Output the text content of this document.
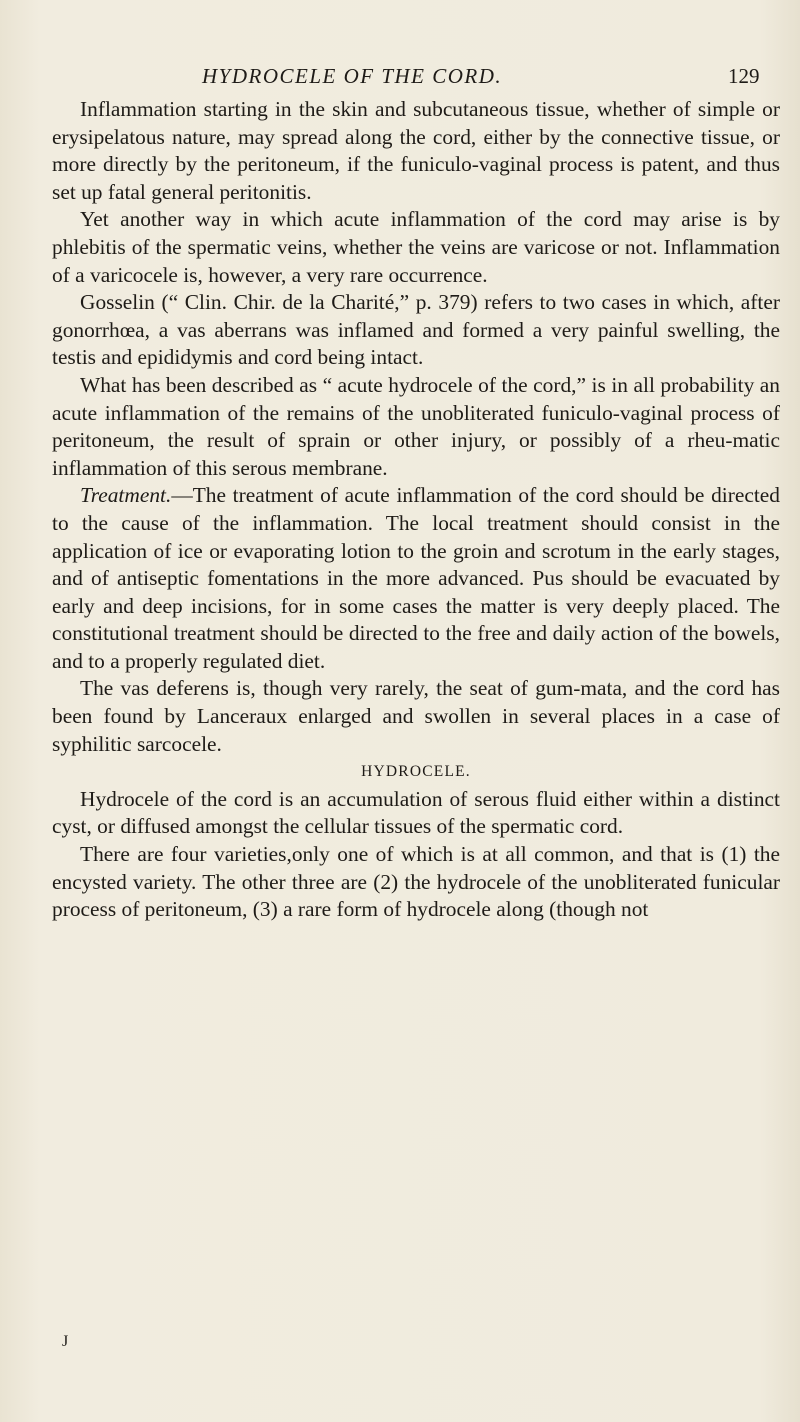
HYDROCELE OF THE CORD.	129

Inflammation starting in the skin and subcutaneous tissue, whether of simple or erysipelatous nature, may spread along the cord, either by the connective tissue, or more directly by the peritoneum, if the funiculo-vaginal process is patent, and thus set up fatal general peritonitis.

Yet another way in which acute inflammation of the cord may arise is by phlebitis of the spermatic veins, whether the veins are varicose or not. Inflammation of a varicocele is, however, a very rare occurrence.

Gosselin (“ Clin. Chir. de la Charité,” p. 379) refers to two cases in which, after gonorrhœa, a vas aberrans was inflamed and formed a very painful swelling, the testis and epididymis and cord being intact.

What has been described as “ acute hydrocele of the cord,” is in all probability an acute inflammation of the remains of the unobliterated funiculo-vaginal process of peritoneum, the result of sprain or other injury, or possibly of a rheu-matic inflammation of this serous membrane.

Treatment.—The treatment of acute inflammation of the cord should be directed to the cause of the inflammation. The local treatment should consist in the application of ice or evaporating lotion to the groin and scrotum in the early stages, and of antiseptic fomentations in the more advanced. Pus should be evacuated by early and deep incisions, for in some cases the matter is very deeply placed. The constitutional treatment should be directed to the free and daily action of the bowels, and to a properly regulated diet.

The vas deferens is, though very rarely, the seat of gum-mata, and the cord has been found by Lanceraux enlarged and swollen in several places in a case of syphilitic sarcocele.

HYDROCELE.

Hydrocele of the cord is an accumulation of serous fluid either within a distinct cyst, or diffused amongst the cellular tissues of the spermatic cord.

There are four varieties,only one of which is at all common, and that is (1) the encysted variety. The other three are (2) the hydrocele of the unobliterated funicular process of peritoneum, (3) a rare form of hydrocele along (though not

J
